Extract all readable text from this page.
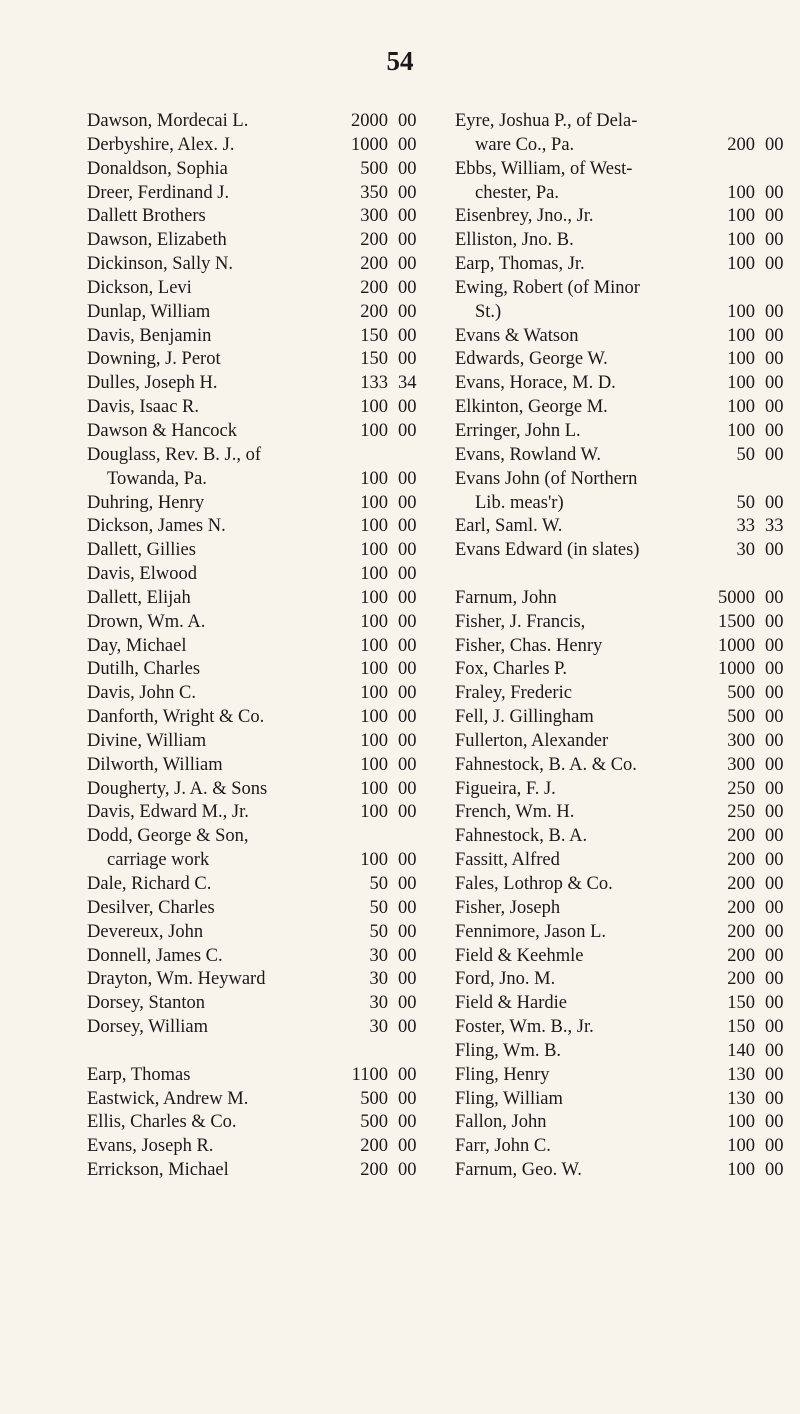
54
Dawson, Mordecai L.	2000 00
Derbyshire, Alex. J.	1000 00
Donaldson, Sophia	500 00
Dreer, Ferdinand J.	350 00
Dallett Brothers	300 00
Dawson, Elizabeth	200 00
Dickinson, Sally N.	200 00
Dickson, Levi	200 00
Dunlap, William	200 00
Davis, Benjamin	150 00
Downing, J. Perot	150 00
Dulles, Joseph H.	133 34
Davis, Isaac R.	100 00
Dawson & Hancock	100 00
Douglass, Rev. B. J., of
Towanda, Pa.	100 00
Duhring, Henry	100 00
Dickson, James N.	100 00
Dallett, Gillies	100 00
Davis, Elwood	100 00
Dallett, Elijah	100 00
Drown, Wm. A.	100 00
Day, Michael	100 00
Dutilh, Charles	100 00
Davis, John C.	100 00
Danforth, Wright & Co.	100 00
Divine, William	100 00
Dilworth, William	100 00
Dougherty, J. A. & Sons	100 00
Davis, Edward M., Jr.	100 00
Dodd, George & Son,
carriage work	100 00
Dale, Richard C.	50 00
Desilver, Charles	50 00
Devereux, John	50 00
Donnell, James C.	30 00
Drayton, Wm. Heyward	30 00
Dorsey, Stanton	30 00
Dorsey, William	30 00
Earp, Thomas	1100 00
Eastwick, Andrew M.	500 00
Ellis, Charles & Co.	500 00
Evans, Joseph R.	200 00
Errickson, Michael	200 00
Eyre, Joshua P., of Dela-
ware Co., Pa.	200 00
Ebbs, William, of West-
chester, Pa.	100 00
Eisenbrey, Jno., Jr.	100 00
Elliston, Jno. B.	100 00
Earp, Thomas, Jr.	100 00
Ewing, Robert (of Minor
St.)	100 00
Evans & Watson	100 00
Edwards, George W.	100 00
Evans, Horace, M. D.	100 00
Elkinton, George M.	100 00
Erringer, John L.	100 00
Evans, Rowland W.	50 00
Evans John (of Northern
Lib. meas'r)	50 00
Earl, Saml. W.	33 33
Evans Edward (in slates)	30 00
Farnum, John	5000 00
Fisher, J. Francis,	1500 00
Fisher, Chas. Henry	1000 00
Fox, Charles P.	1000 00
Fraley, Frederic	500 00
Fell, J. Gillingham	500 00
Fullerton, Alexander	300 00
Fahnestock, B. A. & Co.	300 00
Figueira, F. J.	250 00
French, Wm. H.	250 00
Fahnestock, B. A.	200 00
Fassitt, Alfred	200 00
Fales, Lothrop & Co.	200 00
Fisher, Joseph	200 00
Fennimore, Jason L.	200 00
Field & Keehmle	200 00
Ford, Jno. M.	200 00
Field & Hardie	150 00
Foster, Wm. B., Jr.	150 00
Fling, Wm. B.	140 00
Fling, Henry	130 00
Fling, William	130 00
Fallon, John	100 00
Farr, John C.	100 00
Farnum, Geo. W.	100 00
